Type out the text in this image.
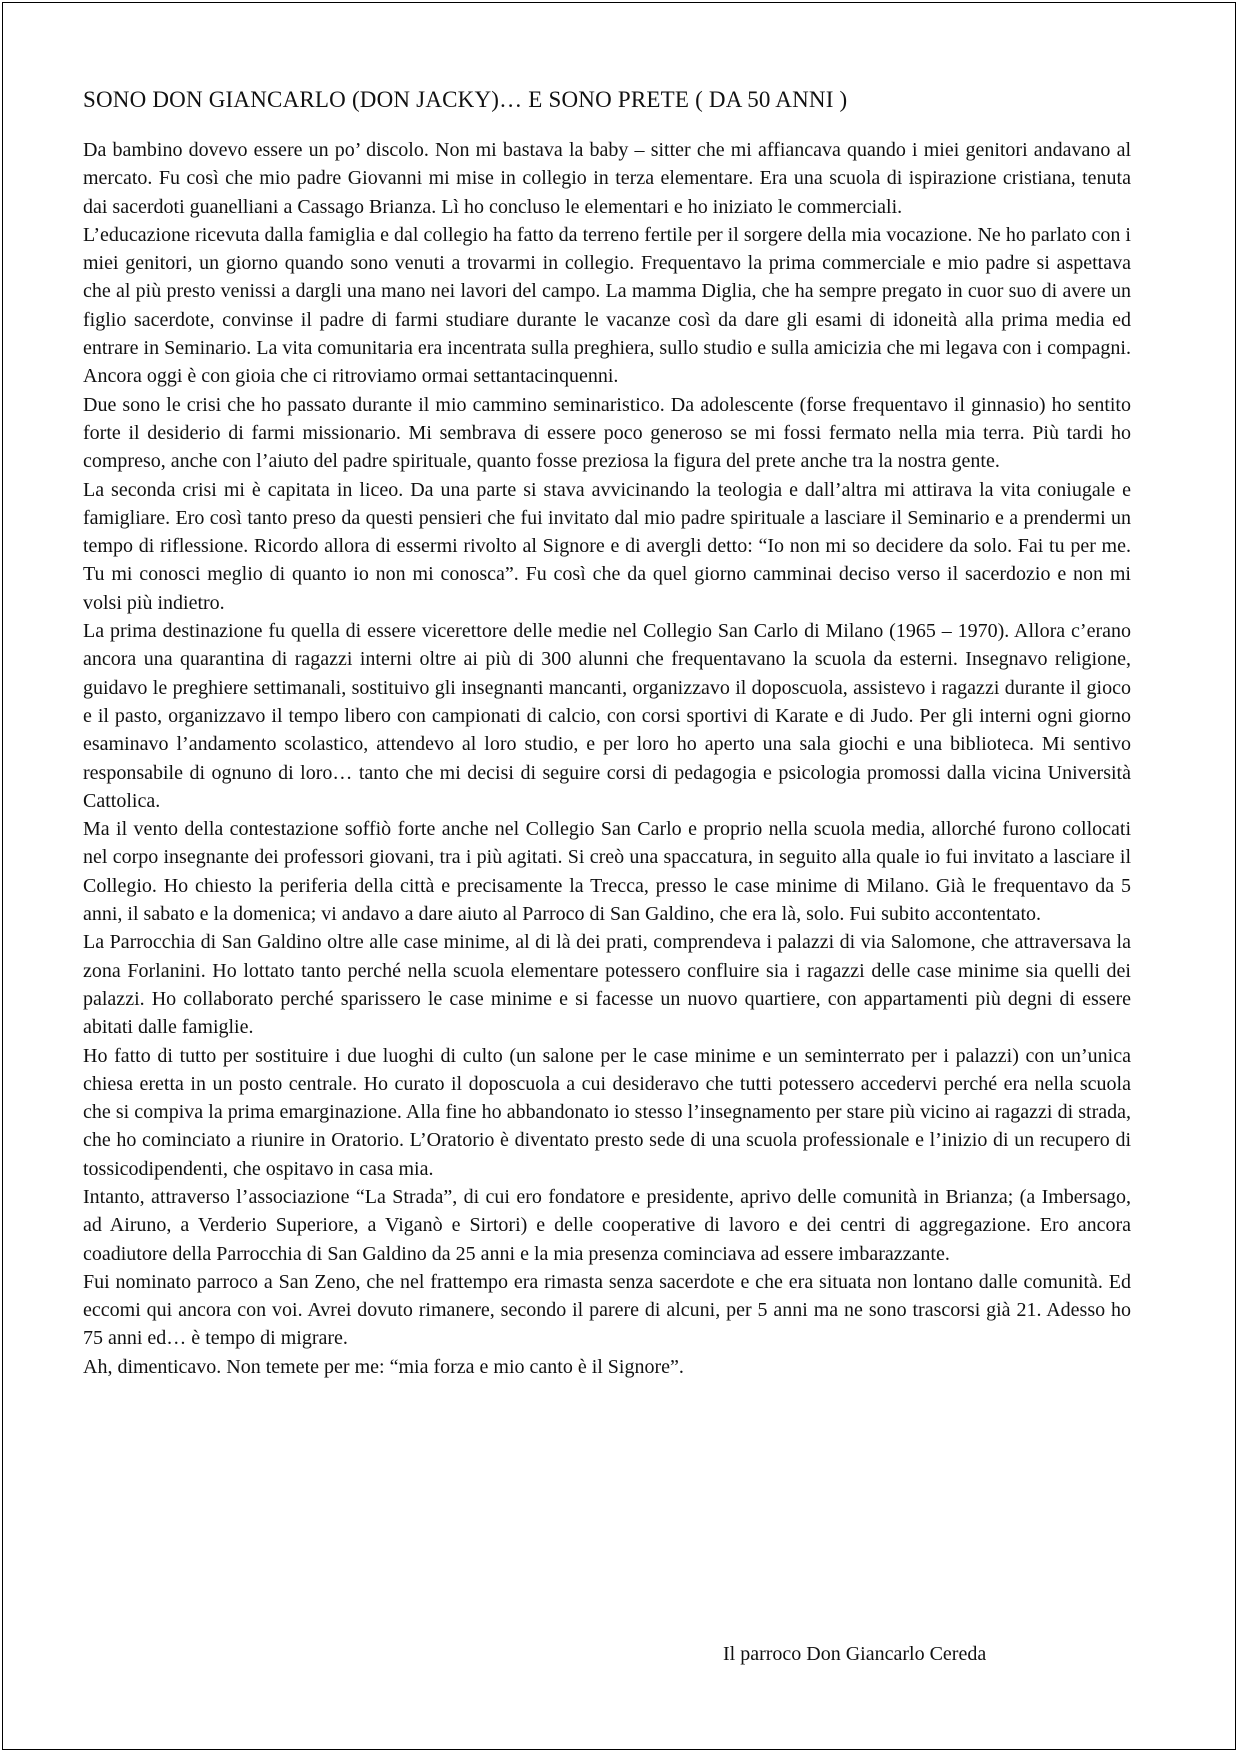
SONO DON GIANCARLO (DON JACKY)… E SONO PRETE ( DA 50 ANNI )

Da bambino dovevo essere un po’ discolo. Non mi bastava la baby – sitter che mi affiancava quando i miei genitori andavano al mercato. Fu così che mio padre Giovanni mi mise in collegio in terza elementare. Era una scuola di ispirazione cristiana, tenuta dai sacerdoti guanelliani a Cassago Brianza. Lì ho concluso le elementari e ho iniziato le commerciali.

L’educazione ricevuta dalla famiglia e dal collegio ha fatto da terreno fertile per il sorgere della mia vocazione. Ne ho parlato con i miei genitori, un giorno quando sono venuti a trovarmi in collegio. Frequentavo la prima commerciale e mio padre si aspettava che al più presto venissi a dargli una mano nei lavori del campo. La mamma Diglia, che ha sempre pregato in cuor suo di avere un figlio sacerdote, convinse il padre di farmi studiare durante le vacanze così da dare gli esami di idoneità alla prima media ed entrare in Seminario. La vita comunitaria era incentrata sulla preghiera, sullo studio e sulla amicizia che mi legava con i compagni. Ancora oggi è con gioia che ci ritroviamo ormai settantacinquenni.

Due sono le crisi che ho passato durante il mio cammino seminaristico. Da adolescente (forse frequentavo il ginnasio) ho sentito forte il desiderio di farmi missionario. Mi sembrava di essere poco generoso se mi fossi fermato nella mia terra. Più tardi ho compreso, anche con l’aiuto del padre spirituale, quanto fosse preziosa la figura del prete anche tra la nostra gente.

La seconda crisi mi è capitata in liceo. Da una parte si stava avvicinando la teologia e dall’altra mi attirava la vita coniugale e famigliare. Ero così tanto preso da questi pensieri che fui invitato dal mio padre spirituale a lasciare il Seminario e a prendermi un tempo di riflessione. Ricordo allora di essermi rivolto al Signore e di avergli detto: “Io non mi so decidere da solo. Fai tu per me. Tu mi conosci meglio di quanto io non mi conosca”. Fu così che da quel giorno camminai deciso verso il sacerdozio e non mi volsi più indietro.

La prima destinazione fu quella di essere vicerettore delle medie nel Collegio San Carlo di Milano (1965 – 1970). Allora c’erano ancora una quarantina di ragazzi interni oltre ai più di 300 alunni che frequentavano la scuola da esterni. Insegnavo religione, guidavo le preghiere settimanali, sostituivo gli insegnanti mancanti, organizzavo il doposcuola, assistevo i ragazzi durante il gioco e il pasto, organizzavo il tempo libero con campionati di calcio, con corsi sportivi di Karate e di Judo. Per gli interni ogni giorno esaminavo l’andamento scolastico, attendevo al loro studio, e per loro ho aperto una sala giochi e una biblioteca. Mi sentivo responsabile di ognuno di loro… tanto che mi decisi di seguire corsi di pedagogia e psicologia promossi dalla vicina Università Cattolica.

Ma il vento della contestazione soffiò forte anche nel Collegio San Carlo e proprio nella scuola media, allorché furono collocati nel corpo insegnante dei professori giovani, tra i più agitati. Si creò una spaccatura, in seguito alla quale io fui invitato a lasciare il Collegio. Ho chiesto la periferia della città e precisamente la Trecca, presso le case minime di Milano. Già le frequentavo da 5 anni, il sabato e la domenica; vi andavo a dare aiuto al Parroco di San Galdino, che era là, solo. Fui subito accontentato.

La Parrocchia di San Galdino oltre alle case minime, al di là dei prati, comprendeva i palazzi di via Salomone, che attraversava la zona Forlanini. Ho lottato tanto perché nella scuola elementare potessero confluire sia i ragazzi delle case minime sia quelli dei palazzi. Ho collaborato perché sparissero le case minime e si facesse un nuovo quartiere, con appartamenti più degni di essere abitati dalle famiglie.

Ho fatto di tutto per sostituire i due luoghi di culto (un salone per le case minime e un seminterrato per i palazzi) con un’unica chiesa eretta in un posto centrale. Ho curato il doposcuola a cui desideravo che tutti potessero accedervi perché era nella scuola che si compiva la prima emarginazione. Alla fine ho abbandonato io stesso l’insegnamento per stare più vicino ai ragazzi di strada, che ho cominciato a riunire in Oratorio. L’Oratorio è diventato presto sede di una scuola professionale e l’inizio di un recupero di tossicodipendenti, che ospitavo in casa mia.

Intanto, attraverso l’associazione “La Strada”, di cui ero fondatore e presidente, aprivo delle comunità in Brianza; (a Imbersago, ad Airuno, a Verderio Superiore, a Viganò e Sirtori) e delle cooperative di lavoro e dei centri di aggregazione. Ero ancora coadiutore della Parrocchia di San Galdino da 25 anni e la mia presenza cominciava ad essere imbarazzante.

Fui nominato parroco a San Zeno, che nel frattempo era rimasta senza sacerdote e che era situata non lontano dalle comunità. Ed eccomi qui ancora con voi. Avrei dovuto rimanere, secondo il parere di alcuni, per 5 anni ma ne sono trascorsi già 21. Adesso ho 75 anni ed… è tempo di migrare.

Ah, dimenticavo. Non temete per me: “mia forza e mio canto è il Signore”.

Il parroco Don Giancarlo Cereda
